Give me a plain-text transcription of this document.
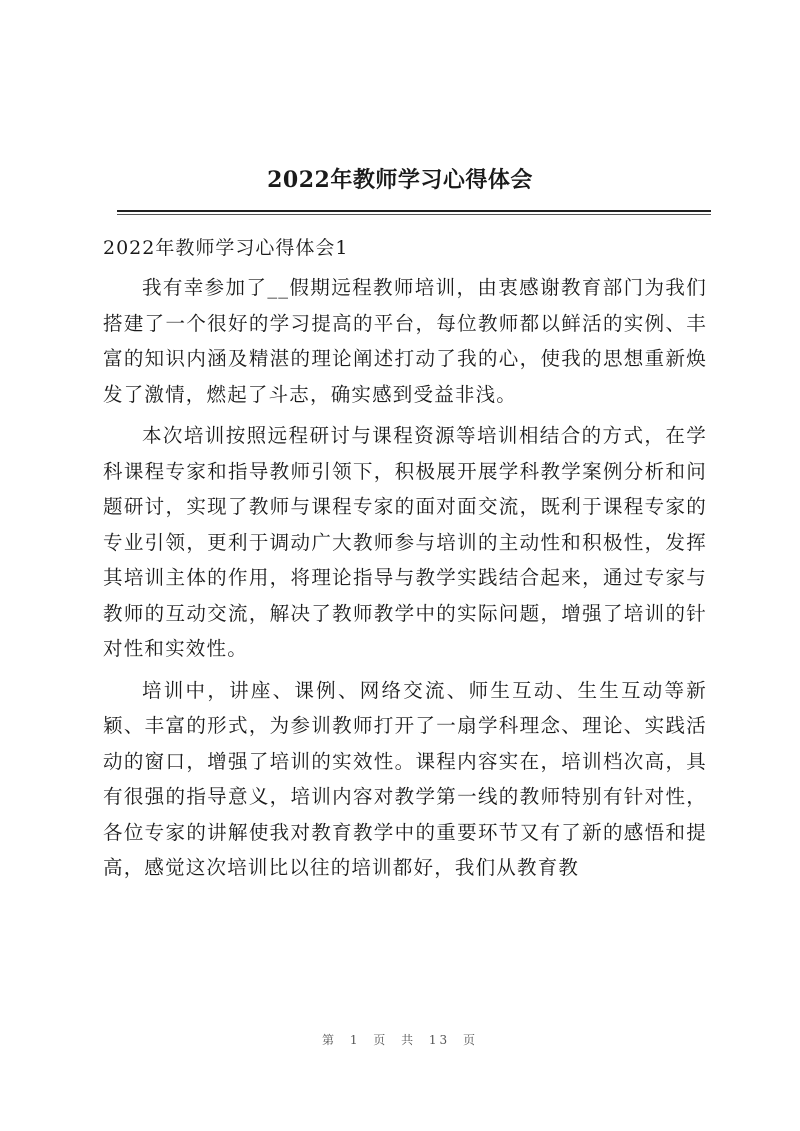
2022年教师学习心得体会
2022年教师学习心得体会1

我有幸参加了__假期远程教师培训，由衷感谢教育部门为我们搭建了一个很好的学习提高的平台，每位教师都以鲜活的实例、丰富的知识内涵及精湛的理论阐述打动了我的心，使我的思想重新焕发了激情，燃起了斗志，确实感到受益非浅。

本次培训按照远程研讨与课程资源等培训相结合的方式，在学科课程专家和指导教师引领下，积极展开展学科教学案例分析和问题研讨，实现了教师与课程专家的面对面交流，既利于课程专家的专业引领，更利于调动广大教师参与培训的主动性和积极性，发挥其培训主体的作用，将理论指导与教学实践结合起来，通过专家与教师的互动交流，解决了教师教学中的实际问题，增强了培训的针对性和实效性。

培训中，讲座、课例、网络交流、师生互动、生生互动等新颖、丰富的形式，为参训教师打开了一扇学科理念、理论、实践活动的窗口，增强了培训的实效性。课程内容实在，培训档次高，具有很强的指导意义，培训内容对教学第一线的教师特别有针对性，各位专家的讲解使我对教育教学中的重要环节又有了新的感悟和提高，感觉这次培训比以往的培训都好，我们从教育教

第 1 页 共 13 页
